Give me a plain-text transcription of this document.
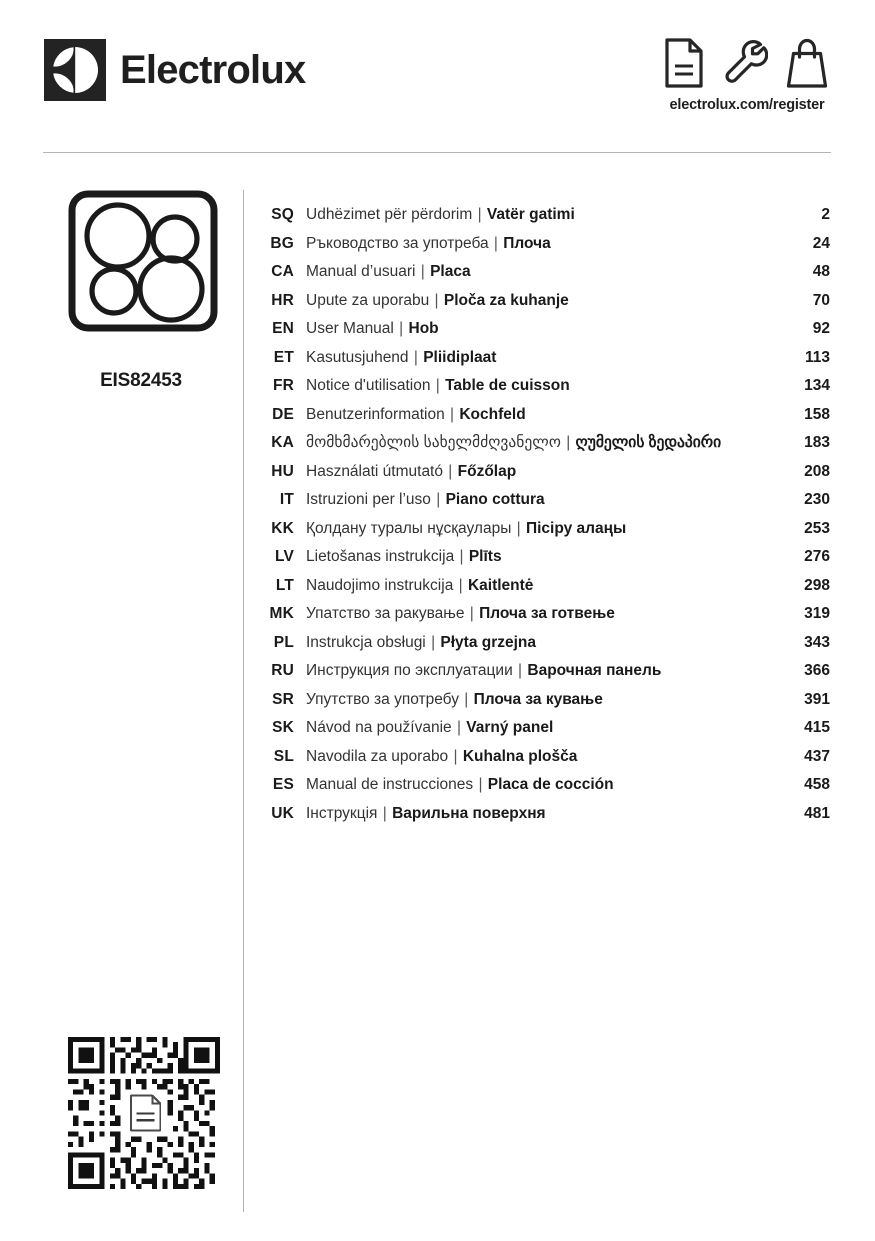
Electrolux
electrolux.com/register
EIS82453
SQ Udhëzimet për përdorim | Vatër gatimi	2
BG Ръководство за употреба | Плоча	24
CA Manual d’usuari | Placa	48
HR Upute za uporabu | Ploča za kuhanje	70
EN User Manual | Hob	92
ET Kasutusjuhend | Pliidiplaat	113
FR Notice d'utilisation | Table de cuisson	134
DE Benutzerinformation | Kochfeld	158
KA მომხმარებლის სახელმძღვანელო | ღუმელის ზედაპირი	183
HU Használati útmutató | Főzőlap	208
IT Istruzioni per l’uso | Piano cottura	230
KK Қолдану туралы нұсқаулары | Пісіру алаңы	253
LV Lietošanas instrukcija | Plīts	276
LT Naudojimo instrukcija | Kaitlentė	298
MK Упатство за ракување | Плоча за готвење	319
PL Instrukcja obsługi | Płyta grzejna	343
RU Инструкция по эксплуатации | Варочная панель	366
SR Упутство за употребу | Плоча за кување	391
SK Návod na používanie | Varný panel	415
SL Navodila za uporabo | Kuhalna plošča	437
ES Manual de instrucciones | Placa de cocción	458
UK Інструкція | Варильна поверхня	481
